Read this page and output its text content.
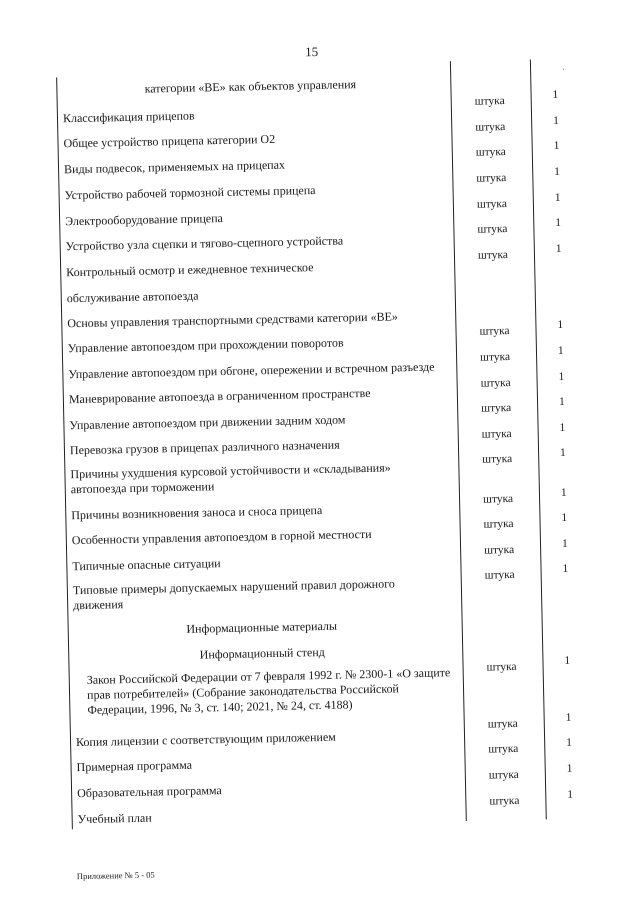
15
·
категории «ВЕ» как объектов управления
Классификация прицепов
штука
1
Общее устройство прицепа категории О2
штука
1
Виды подвесок, применяемых на прицепах
штука
1
Устройство рабочей тормозной системы прицепа
штука
1
Электрооборудование прицепа
штука
1
Устройство узла сцепки и тягово-сцепного устройства
штука
1
Контрольный осмотр и ежедневное техническое
штука
1
обслуживание автопоезда
Основы управления транспортными средствами категории «ВЕ»
Управление автопоездом при прохождении поворотов
штука
1
Управление автопоездом при обгоне, опережении и встречном разъезде
штука
1
Маневрирование автопоезда в ограниченном пространстве
штука
1
Управление автопоездом при движении задним ходом
штука
1
Перевозка грузов в прицепах различного назначения
штука
1
Причины ухудшения курсовой устойчивости и «складывания» автопоезда при торможении
штука
1
Причины возникновения заноса и сноса прицепа
штука
1
Особенности управления автопоездом в горной местности
штука
1
Типичные опасные ситуации
штука
1
Типовые примеры допускаемых нарушений правил дорожного движения
штука
1
Информационные материалы
Информационный стенд
Закон Российской Федерации от 7 февраля 1992 г. № 2300-1 «О защите прав потребителей» (Собрание законодательства Российской Федерации, 1996, № 3, ст. 140; 2021, № 24, ст. 4188)
штука
1
Копия лицензии с соответствующим приложением
штука
1
Примерная программа
штука
1
Образовательная программа
штука
1
Учебный план
штука
1
Приложение № 5 - 05
